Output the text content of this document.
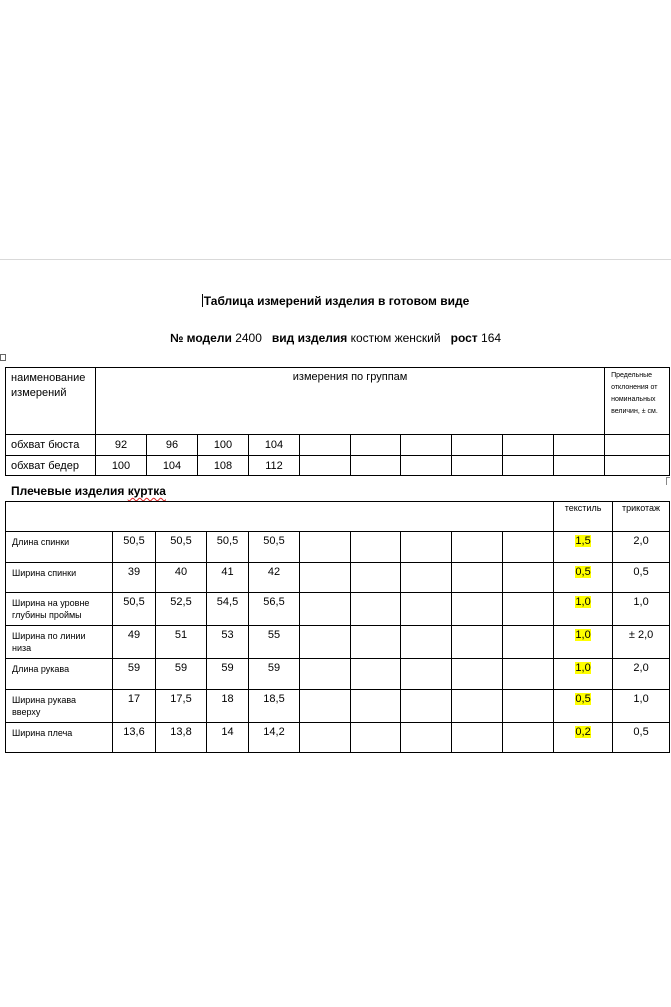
Таблица измерений изделия в готовом виде
№ модели 2400 вид изделия костюм женский рост 164
наименование измерений	измерения по группам										Предельные отклонения от номинальных величин, ± см.
обхват бюста	92	96	100	104							
обхват бедер	100	104	108	112							
Плечевые изделия куртка
										текстиль	трикотаж
Длина спинки	50,5	50,5	50,5	50,5						1,5	2,0
Ширина спинки	39	40	41	42						0,5	0,5
Ширина на уровне глубины проймы	50,5	52,5	54,5	56,5						1,0	1,0
Ширина по линии низа	49	51	53	55						1,0	± 2,0
Длина рукава	59	59	59	59						1,0	2,0
Ширина рукава вверху	17	17,5	18	18,5						0,5	1,0
Ширина плеча	13,6	13,8	14	14,2						0,2	0,5
